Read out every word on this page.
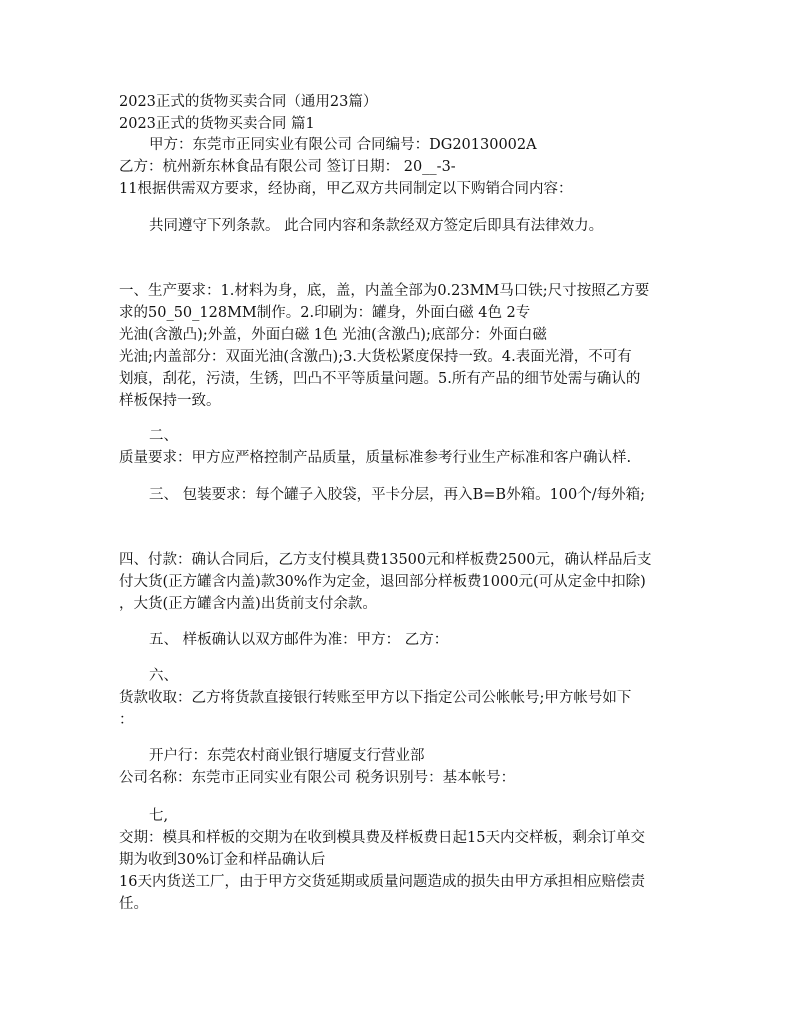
2023正式的货物买卖合同（通用23篇）
2023正式的货物买卖合同 篇1
甲方：东莞市正同实业有限公司 合同编号：DG20130002A
乙方：杭州新东林食品有限公司 签订日期： 20__-3-
11根据供需双方要求，经协商，甲乙双方共同制定以下购销合同内容：
共同遵守下列条款。 此合同内容和条款经双方签定后即具有法律效力。
一、生产要求：1.材料为身，底，盖，内盖全部为0.23MM马口铁;尺寸按照乙方要
求的50_50_128MM制作。2.印刷为：罐身，外面白磁 4色 2专
光油(含激凸);外盖，外面白磁 1色 光油(含激凸);底部分：外面白磁
光油;内盖部分：双面光油(含激凸);3.大货松紧度保持一致。4.表面光滑，不可有
划痕，刮花，污渍，生锈，凹凸不平等质量问题。5.所有产品的细节处需与确认的
样板保持一致。
二、
质量要求：甲方应严格控制产品质量，质量标准参考行业生产标准和客户确认样.
三、 包装要求：每个罐子入胶袋，平卡分层，再入B=B外箱。100个/每外箱;
四、付款：确认合同后，乙方支付模具费13500元和样板费2500元，确认样品后支
付大货(正方罐含内盖)款30%作为定金，退回部分样板费1000元(可从定金中扣除)
，大货(正方罐含内盖)出货前支付余款。
五、 样板确认以双方邮件为准：甲方： 乙方：
六、
货款收取：乙方将货款直接银行转账至甲方以下指定公司公帐帐号;甲方帐号如下
：
开户行：东莞农村商业银行塘厦支行营业部
公司名称：东莞市正同实业有限公司 税务识别号：基本帐号：
七,
交期：模具和样板的交期为在收到模具费及样板费日起15天内交样板，剩余订单交
期为收到30%订金和样品确认后
16天内货送工厂，由于甲方交货延期或质量问题造成的损失由甲方承担相应赔偿责
任。
